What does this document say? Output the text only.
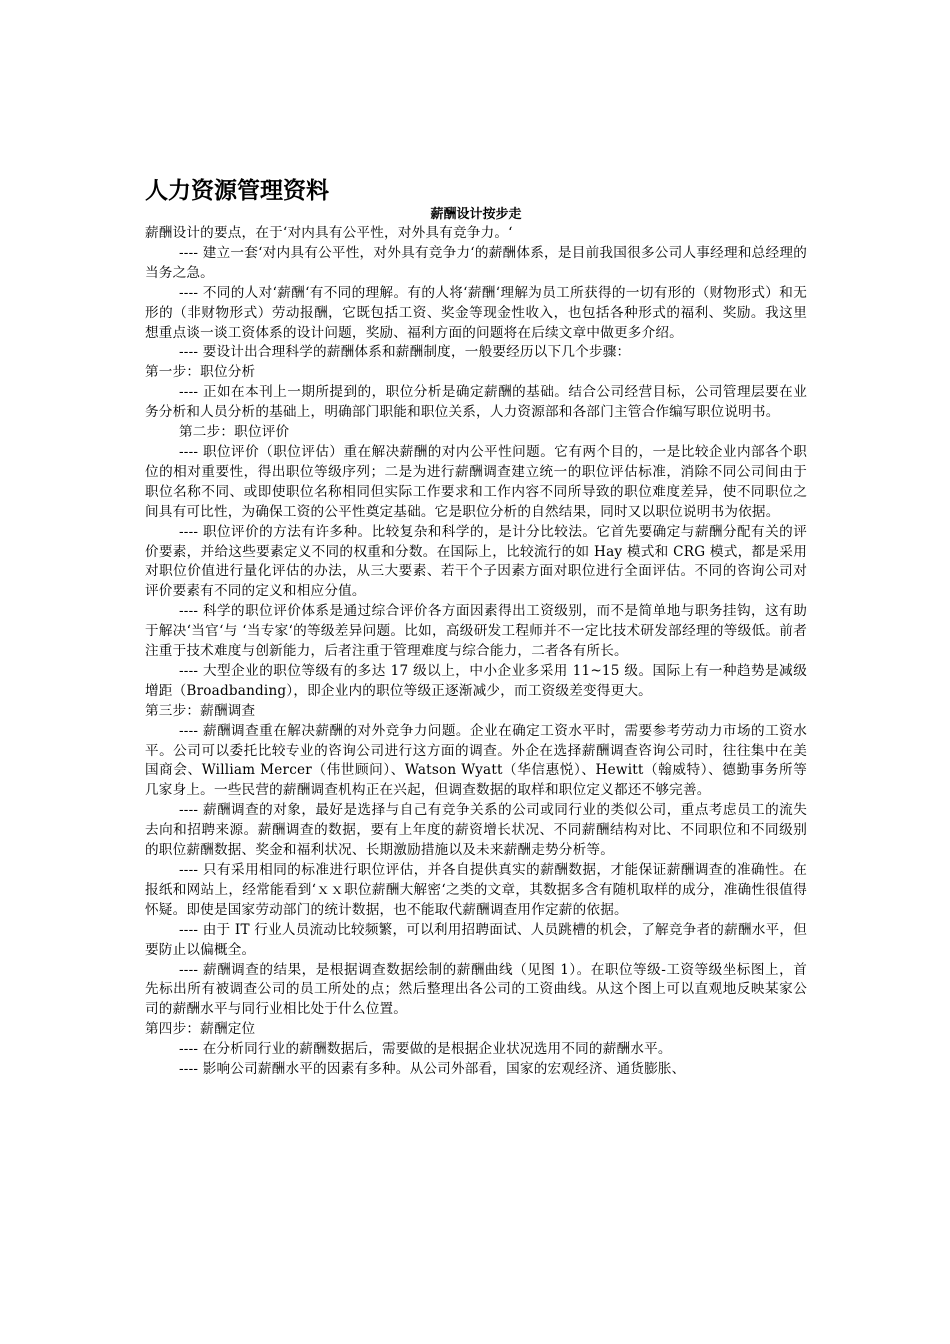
人力资源管理资料
薪酬设计按步走

薪酬设计的要点，在于‘对内具有公平性，对外具有竞争力。‘

---- 建立一套‘对内具有公平性，对外具有竞争力‘的薪酬体系，是目前我国很多公司人事经理和总经理的当务之急。

---- 不同的人对‘薪酬‘有不同的理解。有的人将‘薪酬‘理解为员工所获得的一切有形的（财物形式）和无形的（非财物形式）劳动报酬，它既包括工资、奖金等现金性收入，也包括各种形式的福利、奖励。我这里想重点谈一谈工资体系的设计问题，奖励、福利方面的问题将在后续文章中做更多介绍。

---- 要设计出合理科学的薪酬体系和薪酬制度，一般要经历以下几个步骤：

第一步：职位分析

---- 正如在本刊上一期所提到的，职位分析是确定薪酬的基础。结合公司经营目标，公司管理层要在业务分析和人员分析的基础上，明确部门职能和职位关系，人力资源部和各部门主管合作编写职位说明书。

第二步：职位评价

---- 职位评价（职位评估）重在解决薪酬的对内公平性问题。它有两个目的，一是比较企业内部各个职位的相对重要性，得出职位等级序列；二是为进行薪酬调查建立统一的职位评估标准，消除不同公司间由于职位名称不同、或即使职位名称相同但实际工作要求和工作内容不同所导致的职位难度差异，使不同职位之间具有可比性，为确保工资的公平性奠定基础。它是职位分析的自然结果，同时又以职位说明书为依据。

---- 职位评价的方法有许多种。比较复杂和科学的，是计分比较法。它首先要确定与薪酬分配有关的评价要素，并给这些要素定义不同的权重和分数。在国际上，比较流行的如 Hay 模式和 CRG 模式，都是采用对职位价值进行量化评估的办法，从三大要素、若干个子因素方面对职位进行全面评估。不同的咨询公司对评价要素有不同的定义和相应分值。

---- 科学的职位评价体系是通过综合评价各方面因素得出工资级别，而不是简单地与职务挂钩，这有助于解决‘当官‘与 ‘当专家‘的等级差异问题。比如，高级研发工程师并不一定比技术研发部经理的等级低。前者注重于技术难度与创新能力，后者注重于管理难度与综合能力，二者各有所长。

---- 大型企业的职位等级有的多达 17 级以上，中小企业多采用 11~15 级。国际上有一种趋势是减级增距（Broadbanding），即企业内的职位等级正逐渐减少，而工资级差变得更大。

第三步：薪酬调查

---- 薪酬调查重在解决薪酬的对外竞争力问题。企业在确定工资水平时，需要参考劳动力市场的工资水平。公司可以委托比较专业的咨询公司进行这方面的调查。外企在选择薪酬调查咨询公司时，往往集中在美国商会、William Mercer（伟世顾问）、Watson Wyatt（华信惠悦）、Hewitt（翰威特）、德勤事务所等几家身上。一些民营的薪酬调查机构正在兴起，但调查数据的取样和职位定义都还不够完善。

---- 薪酬调查的对象，最好是选择与自己有竞争关系的公司或同行业的类似公司，重点考虑员工的流失去向和招聘来源。薪酬调查的数据，要有上年度的薪资增长状况、不同薪酬结构对比、不同职位和不同级别的职位薪酬数据、奖金和福利状况、长期激励措施以及未来薪酬走势分析等。

---- 只有采用相同的标准进行职位评估，并各自提供真实的薪酬数据，才能保证薪酬调查的准确性。在报纸和网站上，经常能看到‘ｘｘ职位薪酬大解密‘之类的文章，其数据多含有随机取样的成分，准确性很值得怀疑。即使是国家劳动部门的统计数据，也不能取代薪酬调查用作定薪的依据。

---- 由于 IT 行业人员流动比较频繁，可以利用招聘面试、人员跳槽的机会，了解竞争者的薪酬水平，但要防止以偏概全。

---- 薪酬调查的结果，是根据调查数据绘制的薪酬曲线（见图 1）。在职位等级-工资等级坐标图上，首先标出所有被调查公司的员工所处的点；然后整理出各公司的工资曲线。从这个图上可以直观地反映某家公司的薪酬水平与同行业相比处于什么位置。

第四步：薪酬定位

---- 在分析同行业的薪酬数据后，需要做的是根据企业状况选用不同的薪酬水平。

---- 影响公司薪酬水平的因素有多种。从公司外部看，国家的宏观经济、通货膨胀、
